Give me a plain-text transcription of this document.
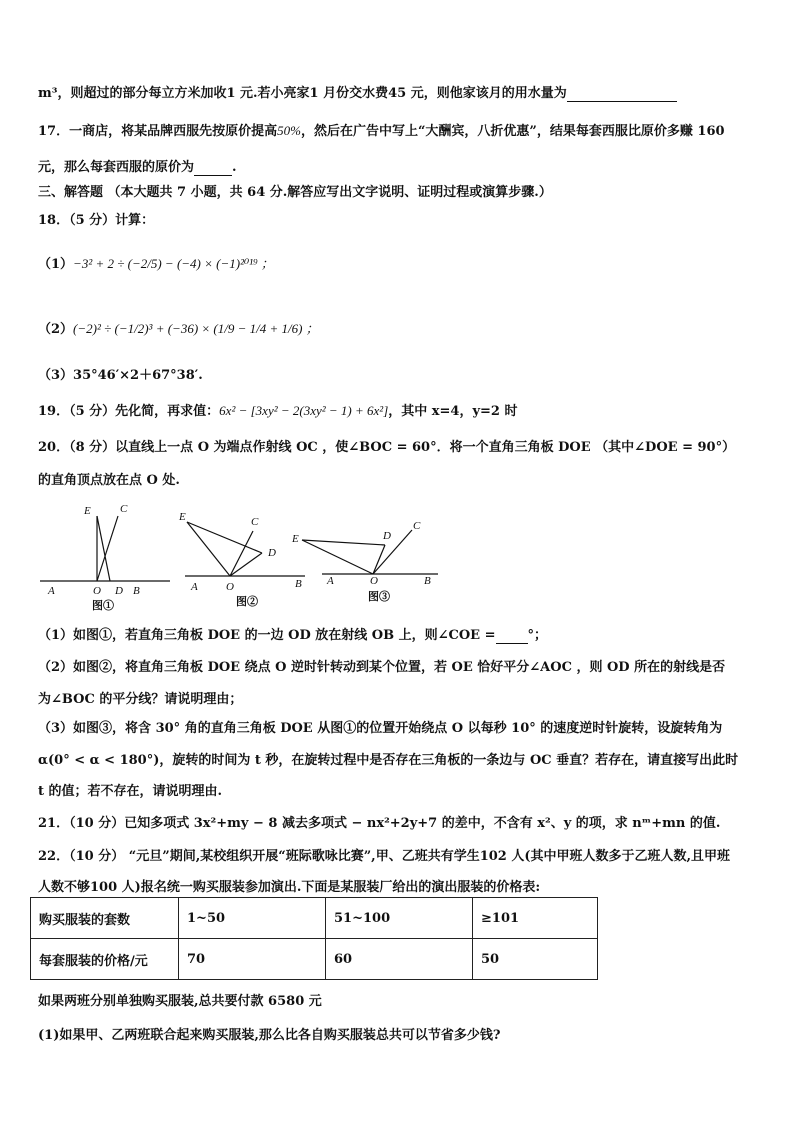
m³，则超过的部分每立方米加收1 元.若小亮家1 月份交水费45 元，则他家该月的用水量为
17．一商店，将某品牌西服先按原价提高50%，然后在广告中写上“大酬宾，八折优惠”，结果每套西服比原价多赚 160
元，那么每套西服的原价为	.
三、解答题 （本大题共 7 小题，共 64 分.解答应写出文字说明、证明过程或演算步骤.）
18．（5 分）计算：
（1）−3² + 2 ÷ (−2/5) − (−4) × (−1)²⁰¹⁹ ；
（2）(−2)² ÷ (−1/2)³ + (−36) × (1/9 − 1/4 + 1/6) ；
（3）35°46′×2＋67°38′.
19．（5 分）先化简，再求值：6x² − [3xy² − 2(3xy² − 1) + 6x²]，其中 x=4，y=2 时
20．（8 分）以直线上一点 O 为端点作射线 OC ，使∠BOC = 60°．将一个直角三角板 DOE （其中∠DOE = 90°）
的直角顶点放在点 O 处.
E	C
A	O D B
图①
E	C
D
A	O	B
图②
E	D
C
A	O	B
图③
（1）如图①，若直角三角板 DOE 的一边 OD 放在射线 OB 上，则∠COE = °；
（2）如图②，将直角三角板 DOE 绕点 O 逆时针转动到某个位置，若 OE 恰好平分∠AOC ，则 OD 所在的射线是否
为∠BOC 的平分线？请说明理由；
（3）如图③，将含 30° 角的直角三角板 DOE 从图①的位置开始绕点 O 以每秒 10° 的速度逆时针旋转，设旋转角为
α(0° < α < 180°)，旋转的时间为 t 秒，在旋转过程中是否存在三角板的一条边与 OC 垂直？若存在，请直接写出此时
t 的值；若不存在，请说明理由.
21．（10 分）已知多项式 3x²+my − 8 减去多项式 − nx²+2y+7 的差中，不含有 x²、y 的项，求 nᵐ+mn 的值.
22．（10 分） “元旦”期间,某校组织开展“班际歌咏比赛”,甲、乙班共有学生102 人(其中甲班人数多于乙班人数,且甲班
人数不够100 人)报名统一购买服装参加演出.下面是某服装厂给出的演出服装的价格表:
购买服装的套数	1~50	51~100	≥101
每套服装的价格/元	70	60	50
如果两班分别单独购买服装,总共要付款 6580 元
(1)如果甲、乙两班联合起来购买服装,那么比各自购买服装总共可以节省多少钱?
